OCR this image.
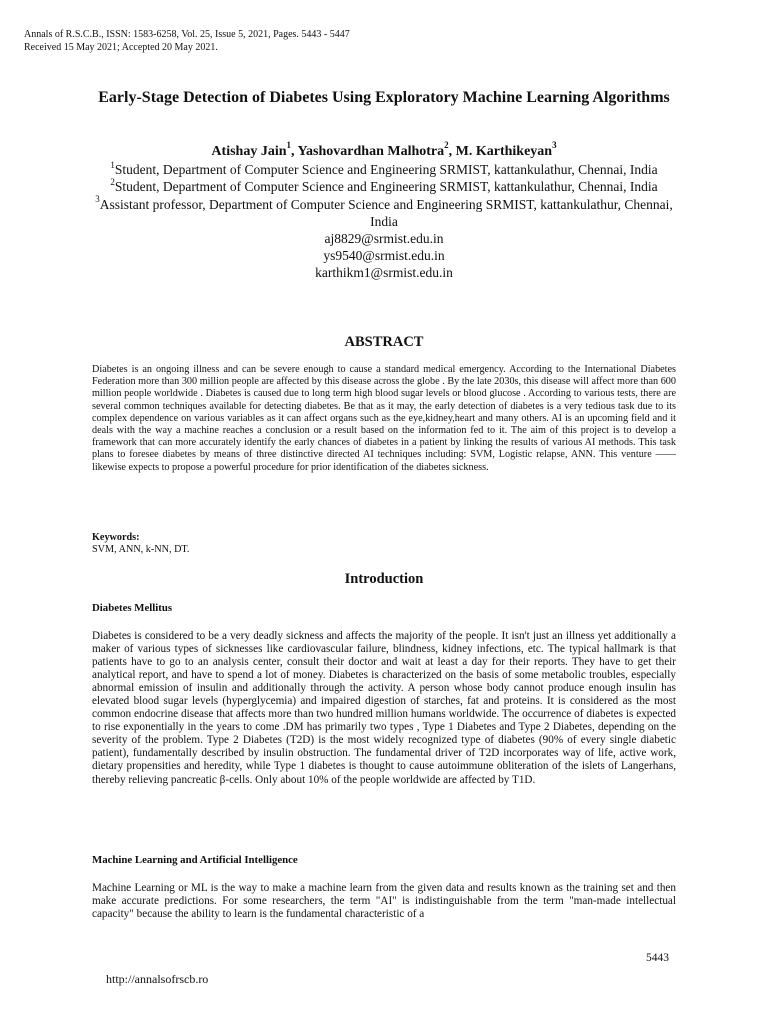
Annals of R.S.C.B., ISSN: 1583-6258, Vol. 25, Issue 5, 2021, Pages. 5443 - 5447
Received 15 May 2021; Accepted 20 May 2021.
Early-Stage Detection of Diabetes Using Exploratory Machine Learning Algorithms
Atishay Jain$^1$, Yashovardhan Malhotra$^2$, M. Karthikeyan$^3$
$^1$Student, Department of Computer Science and Engineering SRMIST, kattankulathur, Chennai, India
$^2$Student, Department of Computer Science and Engineering SRMIST, kattankulathur, Chennai, India
$^3$Assistant professor, Department of Computer Science and Engineering SRMIST, kattankulathur, Chennai, India
aj8829@srmist.edu.in
ys9540@srmist.edu.in
karthikm1@srmist.edu.in
ABSTRACT
Diabetes is an ongoing illness and can be severe enough to cause a standard medical emergency. According to the International Diabetes Federation more than 300 million people are affected by this disease across the globe . By the late 2030s, this disease will affect more than 600 million people worldwide . Diabetes is caused due to long term high blood sugar levels or blood glucose . According to various tests, there are several common techniques available for detecting diabetes. Be that as it may, the early detection of diabetes is a very tedious task due to its complex dependence on various variables as it can affect organs such as the eye,kidney,heart and many others. AI is an upcoming field and it deals with the way a machine reaches a conclusion or a result based on the information fed to it. The aim of this project is to develop a framework that can more accurately identify the early chances of diabetes in a patient by linking the results of various AI methods. This task plans to foresee diabetes by means of three distinctive directed AI techniques including: SVM, Logistic relapse, ANN. This venture ——likewise expects to propose a powerful procedure for prior identification of the diabetes sickness.
Keywords:
SVM, ANN, k-NN, DT.
Introduction
Diabetes Mellitus
Diabetes is considered to be a very deadly sickness and affects the majority of the people. It isn't just an illness yet additionally a maker of various types of sicknesses like cardiovascular failure, blindness, kidney infections, etc. The typical hallmark is that patients have to go to an analysis center, consult their doctor and wait at least a day for their reports. They have to get their analytical report, and have to spend a lot of money. Diabetes is characterized on the basis of some metabolic troubles, especially abnormal emission of insulin and additionally through the activity. A person whose body cannot produce enough insulin has elevated blood sugar levels (hyperglycemia) and impaired digestion of starches, fat and proteins. It is considered as the most common endocrine disease that affects more than two hundred million humans worldwide. The occurrence of diabetes is expected to rise exponentially in the years to come .DM has primarily two types , Type 1 Diabetes and Type 2 Diabetes, depending on the severity of the problem. Type 2 Diabetes (T2D) is the most widely recognized type of diabetes (90% of every single diabetic patient), fundamentally described by insulin obstruction. The fundamental driver of T2D incorporates way of life, active work, dietary propensities and heredity, while Type 1 diabetes is thought to cause autoimmune obliteration of the islets of Langerhans, thereby relieving pancreatic β-cells. Only about 10% of the people worldwide are affected by T1D.
Machine Learning and Artificial Intelligence
Machine Learning or ML is the way to make a machine learn from the given data and results known as the training set and then make accurate predictions. For some researchers, the term "AI" is indistinguishable from the term "man-made intellectual capacity" because the ability to learn is the fundamental characteristic of a
5443
http://annalsofrscb.ro
